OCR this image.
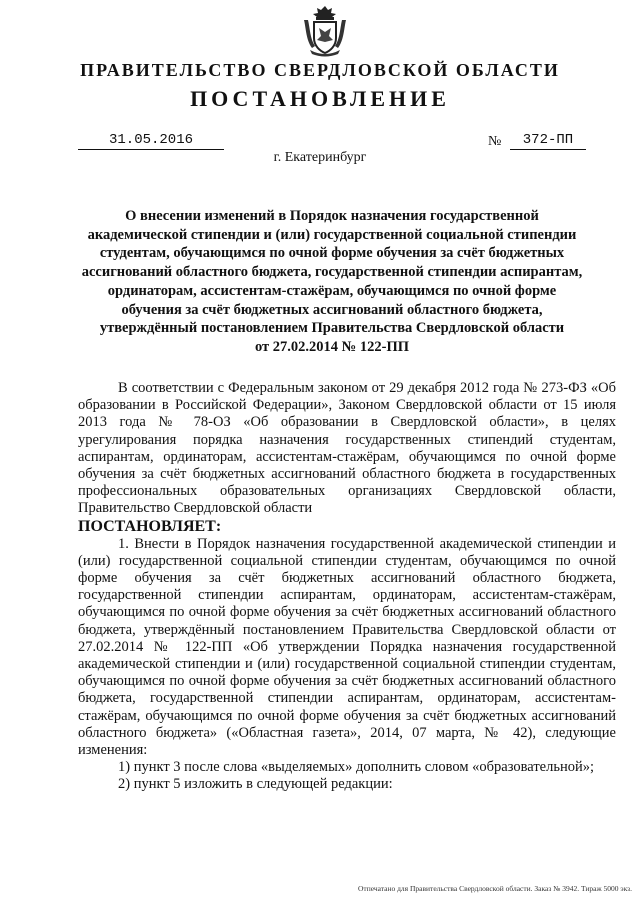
ПРАВИТЕЛЬСТВО СВЕРДЛОВСКОЙ ОБЛАСТИ
ПОСТАНОВЛЕНИЕ
31.05.2016	№	372-ПП
г. Екатеринбург
О внесении изменений в Порядок назначения государственной
академической стипендии и (или) государственной социальной стипендии
студентам, обучающимся по очной форме обучения за счёт бюджетных
ассигнований областного бюджета, государственной стипендии аспирантам,
ординаторам, ассистентам-стажёрам, обучающимся по очной форме
обучения за счёт бюджетных ассигнований областного бюджета,
утверждённый постановлением Правительства Свердловской области
от 27.02.2014 № 122-ПП

В соответствии с Федеральным законом от 29 декабря 2012 года № 273-ФЗ «Об образовании в Российской Федерации», Законом Свердловской области от 15 июля 2013 года № 78-ОЗ «Об образовании в Свердловской области», в целях урегулирования порядка назначения государственных стипендий студентам, аспирантам, ординаторам, ассистентам-стажёрам, обучающимся по очной форме обучения за счёт бюджетных ассигнований областного бюджета в государственных профессиональных образовательных организациях Свердловской области, Правительство Свердловской области

ПОСТАНОВЛЯЕТ:

1. Внести в Порядок назначения государственной академической стипендии и (или) государственной социальной стипендии студентам, обучающимся по очной форме обучения за счёт бюджетных ассигнований областного бюджета, государственной стипендии аспирантам, ординаторам, ассистентам-стажёрам, обучающимся по очной форме обучения за счёт бюджетных ассигнований областного бюджета, утверждённый постановлением Правительства Свердловской области от 27.02.2014 № 122-ПП «Об утверждении Порядка назначения государственной академической стипендии и (или) государственной социальной стипендии студентам, обучающимся по очной форме обучения за счёт бюджетных ассигнований областного бюджета, государственной стипендии аспирантам, ординаторам, ассистентам-стажёрам, обучающимся по очной форме обучения за счёт бюджетных ассигнований областного бюджета» («Областная газета», 2014, 07 марта, № 42), следующие изменения:

1) пункт 3 после слова «выделяемых» дополнить словом «образовательной»;

2) пункт 5 изложить в следующей редакции:

Отпечатано для Правительства Свердловской области. Заказ № 3942. Тираж 5000 экз.
